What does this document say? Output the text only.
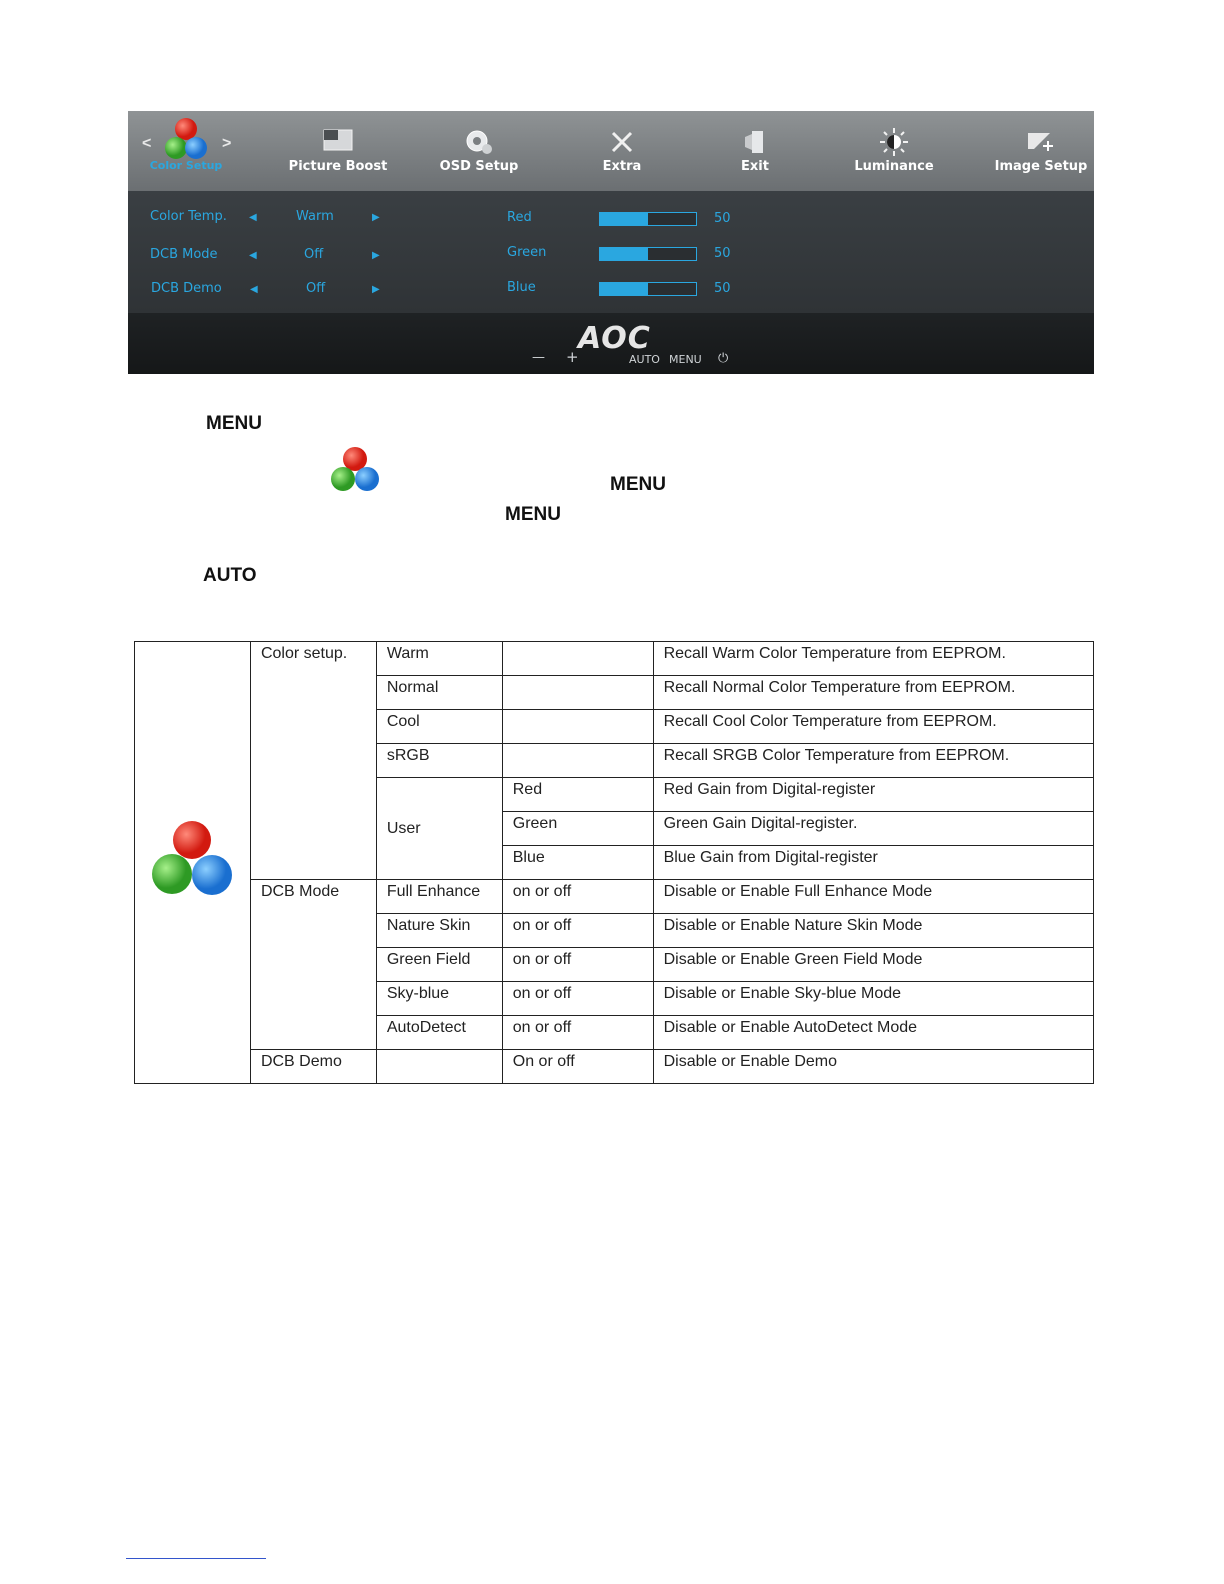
<	>
Color Setup	Picture Boost	OSD Setup	Extra	Exit	Luminance	Image Setup
Color Temp. ◀	Warm	▶
DCB Mode	◀	Off	▶
DCB Demo	◀	Off	▶
Red	50
Green	50
Blue	50
AOC
— +	AUTO MENU ⏻
MENU
MENU
MENU
AUTO
	Color setup.	Warm		Recall Warm Color Temperature from EEPROM.
		Normal		Recall Normal Color Temperature from EEPROM.
		Cool		Recall Cool Color Temperature from EEPROM.
		sRGB		Recall SRGB Color Temperature from EEPROM.
		User	Red	Red Gain from Digital-register
			Green	Green Gain Digital-register.
			Blue	Blue Gain from Digital-register
	DCB Mode	Full Enhance	on or off	Disable or Enable Full Enhance Mode
		Nature Skin	on or off	Disable or Enable Nature Skin Mode
		Green Field	on or off	Disable or Enable Green Field Mode
		Sky-blue	on or off	Disable or Enable Sky-blue Mode
		AutoDetect	on or off	Disable or Enable AutoDetect Mode
	DCB Demo		On or off	Disable or Enable Demo
